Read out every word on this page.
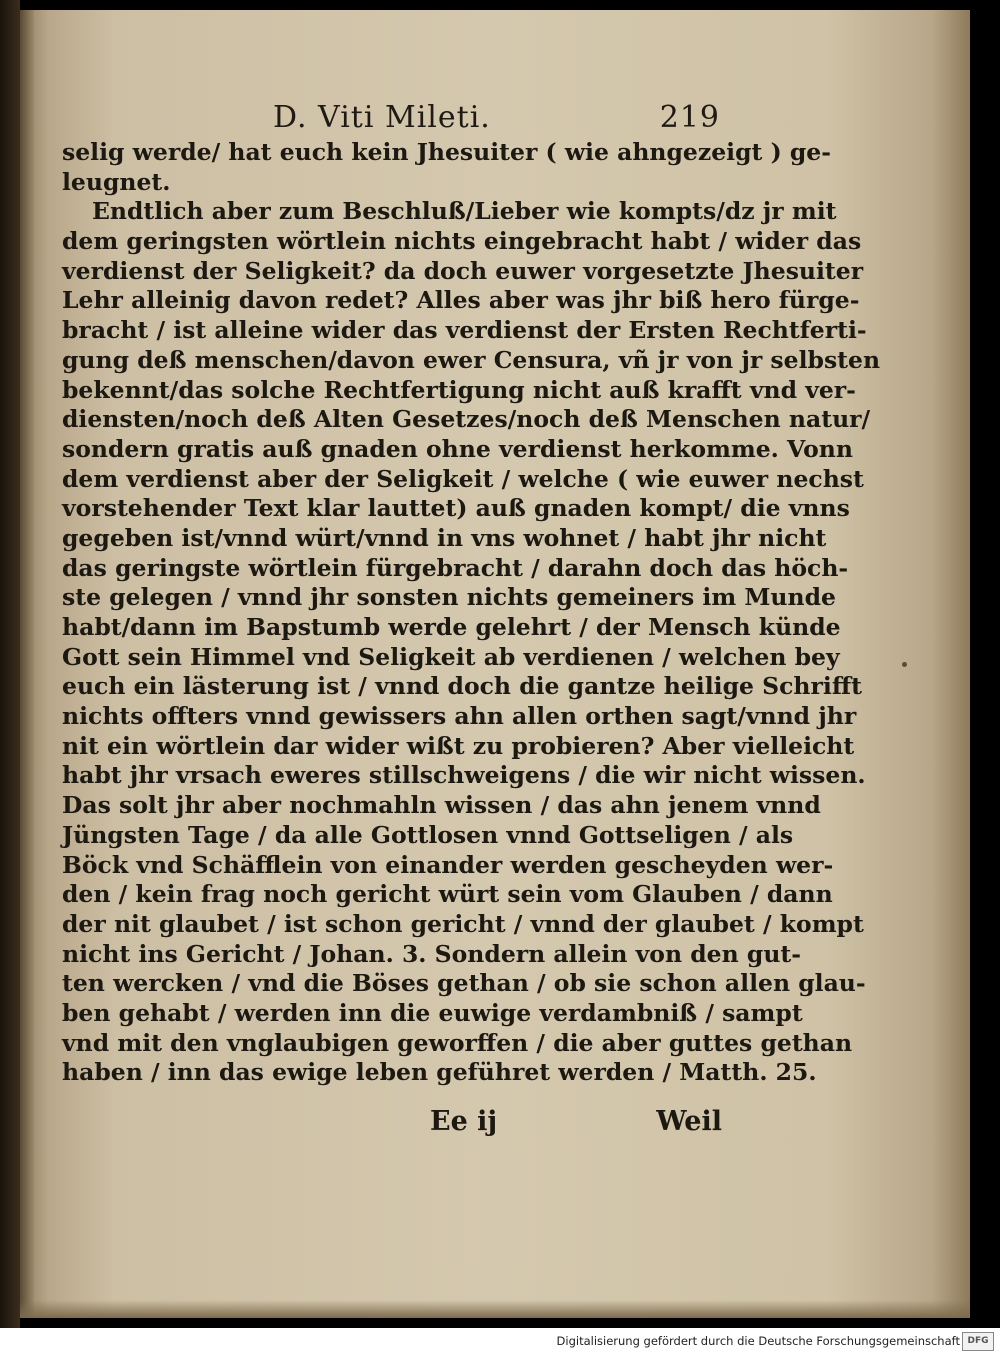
D. Viti Mileti.	219
selig werde/ hat euch kein Jhesuiter ( wie ahngezeigt ) ge-
leugnet.
Endtlich aber zum Beschluß/Lieber wie kompts/dz jr mit
dem geringsten wörtlein nichts eingebracht habt / wider das
verdienst der Seligkeit? da doch euwer vorgesetzte Jhesuiter
Lehr alleinig davon redet? Alles aber was jhr biß hero fürge-
bracht / ist alleine wider das verdienst der Ersten Rechtferti-
gung deß menschen/davon ewer Censura, vñ jr von jr selbsten
bekennt/das solche Rechtfertigung nicht auß krafft vnd ver-
diensten/noch deß Alten Gesetzes/noch deß Menschen natur/
sondern gratis auß gnaden ohne verdienst herkomme. Vonn
dem verdienst aber der Seligkeit / welche ( wie euwer nechst
vorstehender Text klar lauttet) auß gnaden kompt/ die vnns
gegeben ist/vnnd würt/vnnd in vns wohnet / habt jhr nicht
das geringste wörtlein fürgebracht / darahn doch das höch-
ste gelegen / vnnd jhr sonsten nichts gemeiners im Munde
habt/dann im Bapstumb werde gelehrt / der Mensch künde
Gott sein Himmel vnd Seligkeit ab verdienen / welchen bey
euch ein lästerung ist / vnnd doch die gantze heilige Schrifft
nichts offters vnnd gewissers ahn allen orthen sagt/vnnd jhr
nit ein wörtlein dar wider wißt zu probieren? Aber vielleicht
habt jhr vrsach eweres stillschweigens / die wir nicht wissen.
Das solt jhr aber nochmahln wissen / das ahn jenem vnnd
Jüngsten Tage / da alle Gottlosen vnnd Gottseligen / als
Böck vnd Schäfflein von einander werden gescheyden wer-
den / kein frag noch gericht würt sein vom Glauben / dann
der nit glaubet / ist schon gericht / vnnd der glaubet / kompt
nicht ins Gericht / Johan. 3. Sondern allein von den gut-
ten wercken / vnd die Böses gethan / ob sie schon allen glau-
ben gehabt / werden inn die euwige verdambniß / sampt
vnd mit den vnglaubigen geworffen / die aber guttes gethan
haben / inn das ewige leben geführet werden / Matth. 25.
Ee ij	Weil
Digitalisierung gefördert durch die Deutsche Forschungsgemeinschaft DFG
